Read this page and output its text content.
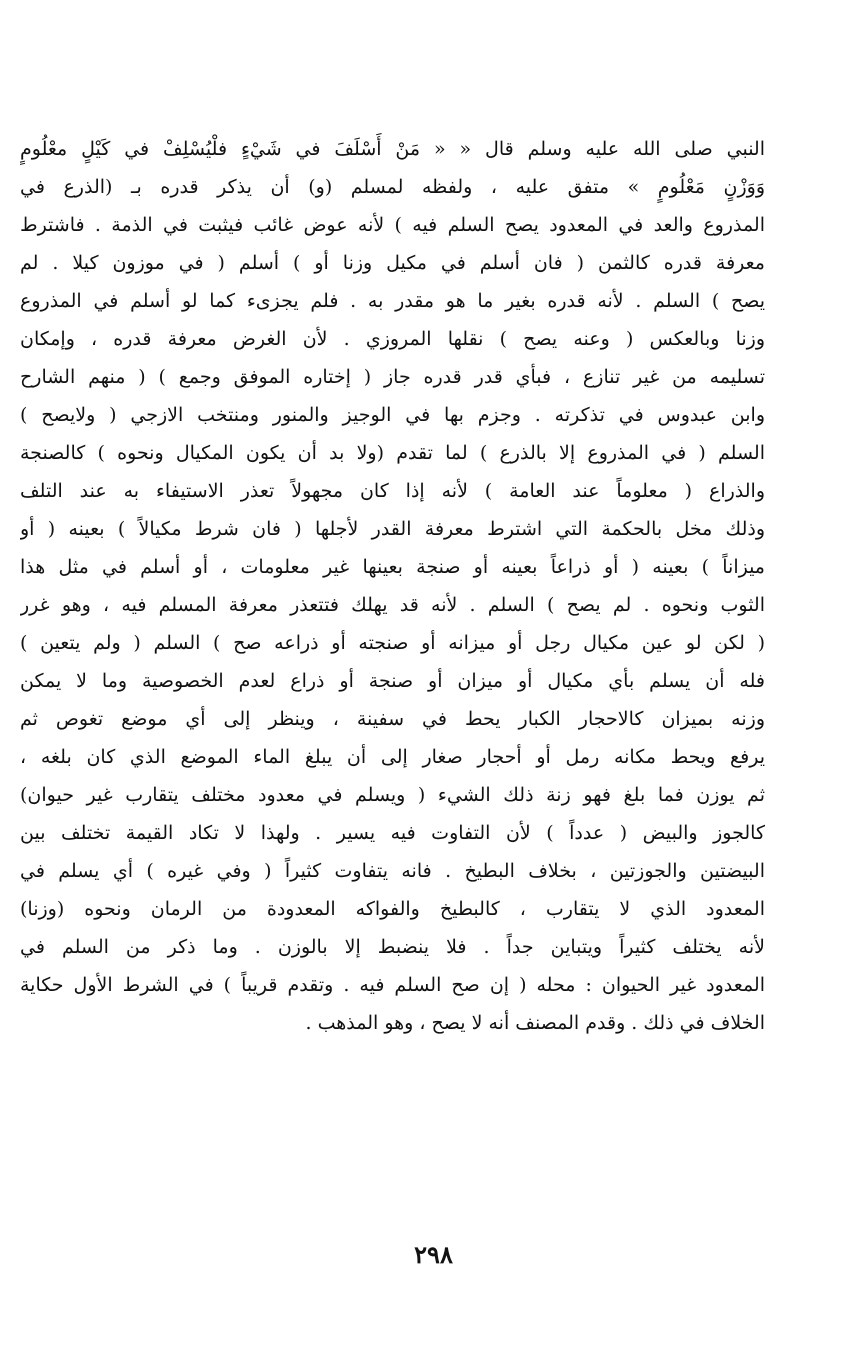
النبي صلى الله عليه وسلم قال « « مَنْ أَسْلَفَ في شَيْءٍ فلْيُسْلِفْ في كَيْلٍ معْلُومٍ
وَوَزْنٍ مَعْلُومٍ » متفق عليه ، ولفظه لمسلم (و) أن يذكر قدره بـ (الذرع في
المذروع والعد في المعدود يصح السلم فيه ) لأنه عوض غائب فيثبت في الذمة . فاشترط
معرفة قدره كالثمن ( فان أسلم في مكيل وزنا أو ) أسلم ( في موزون كيلا . لم
يصح ) السلم . لأنه قدره بغير ما هو مقدر به . فلم يجزىء كما لو أسلم في المذروع
وزنا وبالعكس ( وعنه يصح ) نقلها المروزي . لأن الغرض معرفة قدره ، وإمكان
تسليمه من غير تنازع ، فبأي قدر قدره جاز ( إختاره الموفق وجمع ) ( منهم الشارح
وابن عبدوس في تذكرته . وجزم بها في الوجيز والمنور ومنتخب الازجي ( ولايصح )
السلم ( في المذروع إلا بالذرع ) لما تقدم (ولا بد أن يكون المكيال ونحوه ) كالصنجة
والذراع ( معلوماً عند العامة ) لأنه إذا كان مجهولاً تعذر الاستيفاء به عند التلف
وذلك مخل بالحكمة التي اشترط معرفة القدر لأجلها ( فان شرط مكيالاً ) بعينه ( أو
ميزاناً ) بعينه ( أو ذراعاً بعينه أو صنجة بعينها غير معلومات ، أو أسلم في مثل هذا
الثوب ونحوه . لم يصح ) السلم . لأنه قد يهلك فتتعذر معرفة المسلم فيه ، وهو غرر
( لكن لو عين مكيال رجل أو ميزانه أو صنجته أو ذراعه صح ) السلم ( ولم يتعين )
فله أن يسلم بأي مكيال أو ميزان أو صنجة أو ذراع لعدم الخصوصية وما لا يمكن
وزنه بميزان كالاحجار الكبار يحط في سفينة ، وينظر إلى أي موضع تغوص ثم
يرفع ويحط مكانه رمل أو أحجار صغار إلى أن يبلغ الماء الموضع الذي كان بلغه ،
ثم يوزن فما بلغ فهو زنة ذلك الشيء ( ويسلم في معدود مختلف يتقارب غير حيوان)
كالجوز والبيض ( عدداً ) لأن التفاوت فيه يسير . ولهذا لا تكاد القيمة تختلف بين
البيضتين والجوزتين ، بخلاف البطيخ . فانه يتفاوت كثيراً ( وفي غيره ) أي يسلم في
المعدود الذي لا يتقارب ، كالبطيخ والفواكه المعدودة من الرمان ونحوه (وزنا)
لأنه يختلف كثيراً ويتباين جداً . فلا ينضبط إلا بالوزن . وما ذكر من السلم في
المعدود غير الحيوان : محله ( إن صح السلم فيه . وتقدم قريباً ) في الشرط الأول حكاية
الخلاف في ذلك . وقدم المصنف أنه لا يصح ، وهو المذهب .
٢٩٨
